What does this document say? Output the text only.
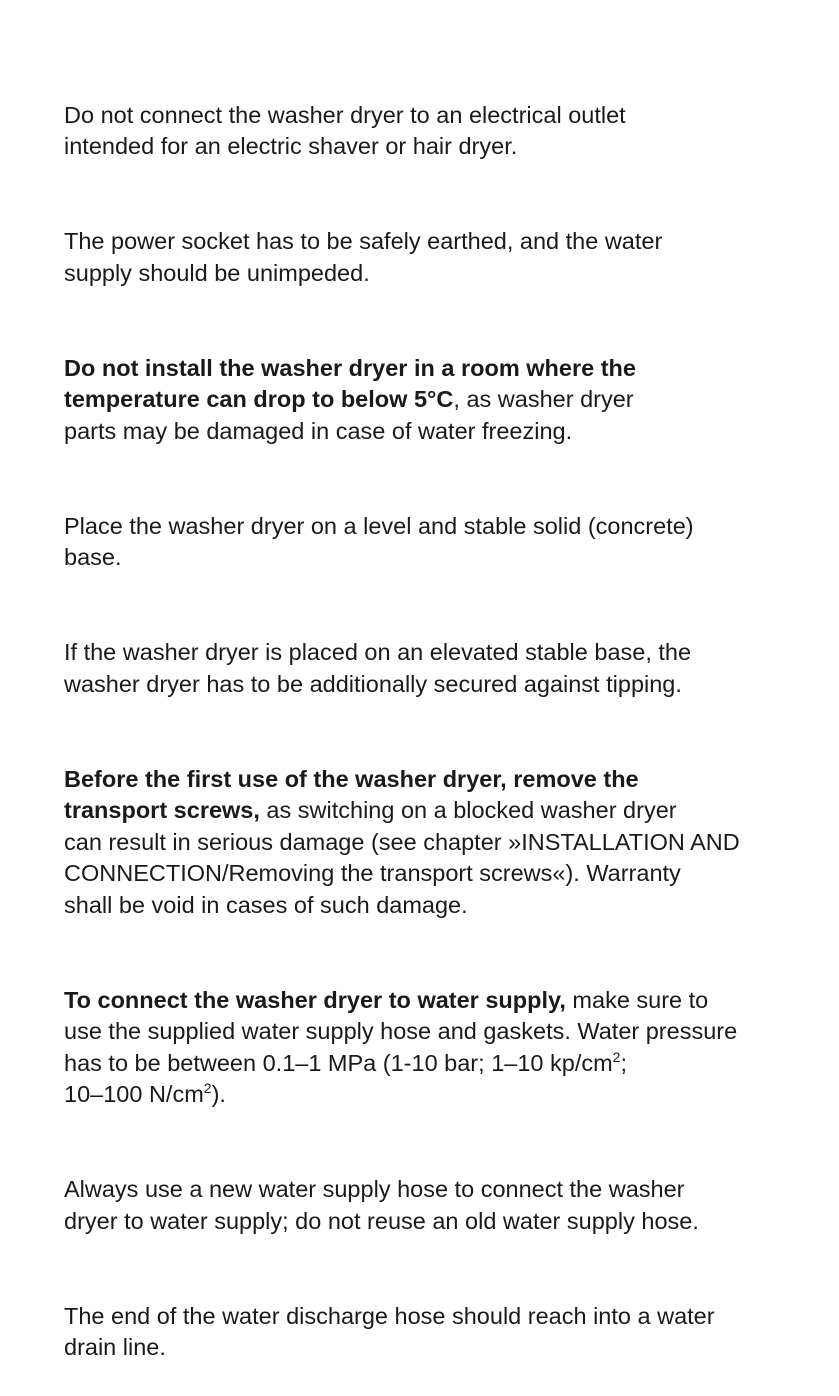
Do not connect the washer dryer to an electrical outlet
intended for an electric shaver or hair dryer.

The power socket has to be safely earthed, and the water
supply should be unimpeded.

Do not install the washer dryer in a room where the
temperature can drop to below 5°C, as washer dryer
parts may be damaged in case of water freezing.

Place the washer dryer on a level and stable solid (concrete)
base.

If the washer dryer is placed on an elevated stable base, the
washer dryer has to be additionally secured against tipping.

Before the first use of the washer dryer, remove the
transport screws, as switching on a blocked washer dryer
can result in serious damage (see chapter »INSTALLATION AND
CONNECTION/Removing the transport screws«). Warranty
shall be void in cases of such damage.

To connect the washer dryer to water supply, make sure to
use the supplied water supply hose and gaskets. Water pressure
has to be between 0.1–1 MPa (1-10 bar; 1–10 $kp/cm^2$;
10–100 $N/cm^2$).

Always use a new water supply hose to connect the washer
dryer to water supply; do not reuse an old water supply hose.

The end of the water discharge hose should reach into a water
drain line.
